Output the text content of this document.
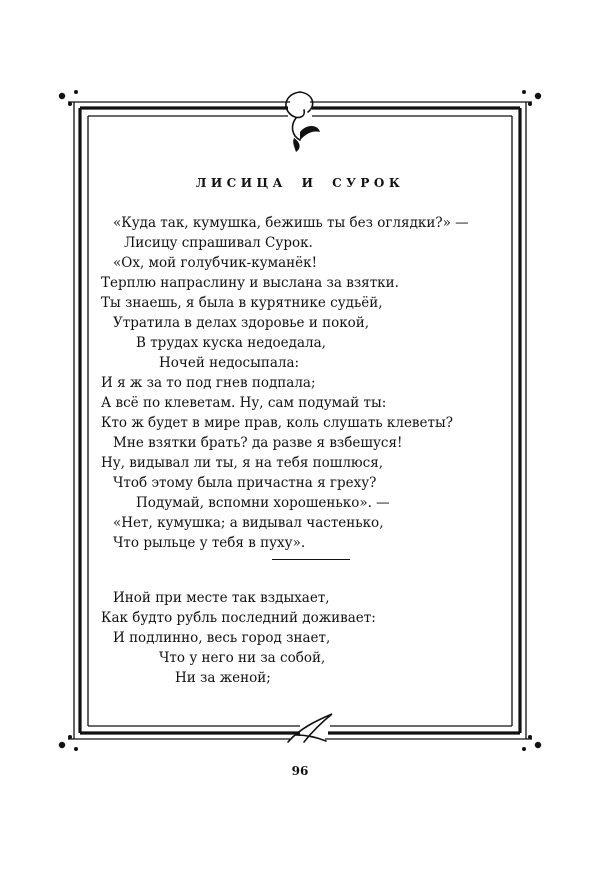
ЛИСИЦА И СУРОК
«Куда так, кумушка, бежишь ты без оглядки?» —
Лисицу спрашивал Сурок.
«Ох, мой голубчик-куманёк!
Терплю напраслину и выслана за взятки.
Ты знаешь, я была в курятнике судьёй,
Утратила в делах здоровье и покой,
В трудах куска недоедала,
Ночей недосыпала:
И я ж за то под гнев подпала;
А всё по клеветам. Ну, сам подумай ты:
Кто ж будет в мире прав, коль слушать клеветы?
Мне взятки брать? да разве я взбешуся!
Ну, видывал ли ты, я на тебя пошлюся,
Чтоб этому была причастна я греху?
Подумай, вспомни хорошенько». —
«Нет, кумушка; а видывал частенько,
Что рыльце у тебя в пуху».
Иной при месте так вздыхает,
Как будто рубль последний доживает:
И подлинно, весь город знает,
Что у него ни за собой,
Ни за женой;
96
